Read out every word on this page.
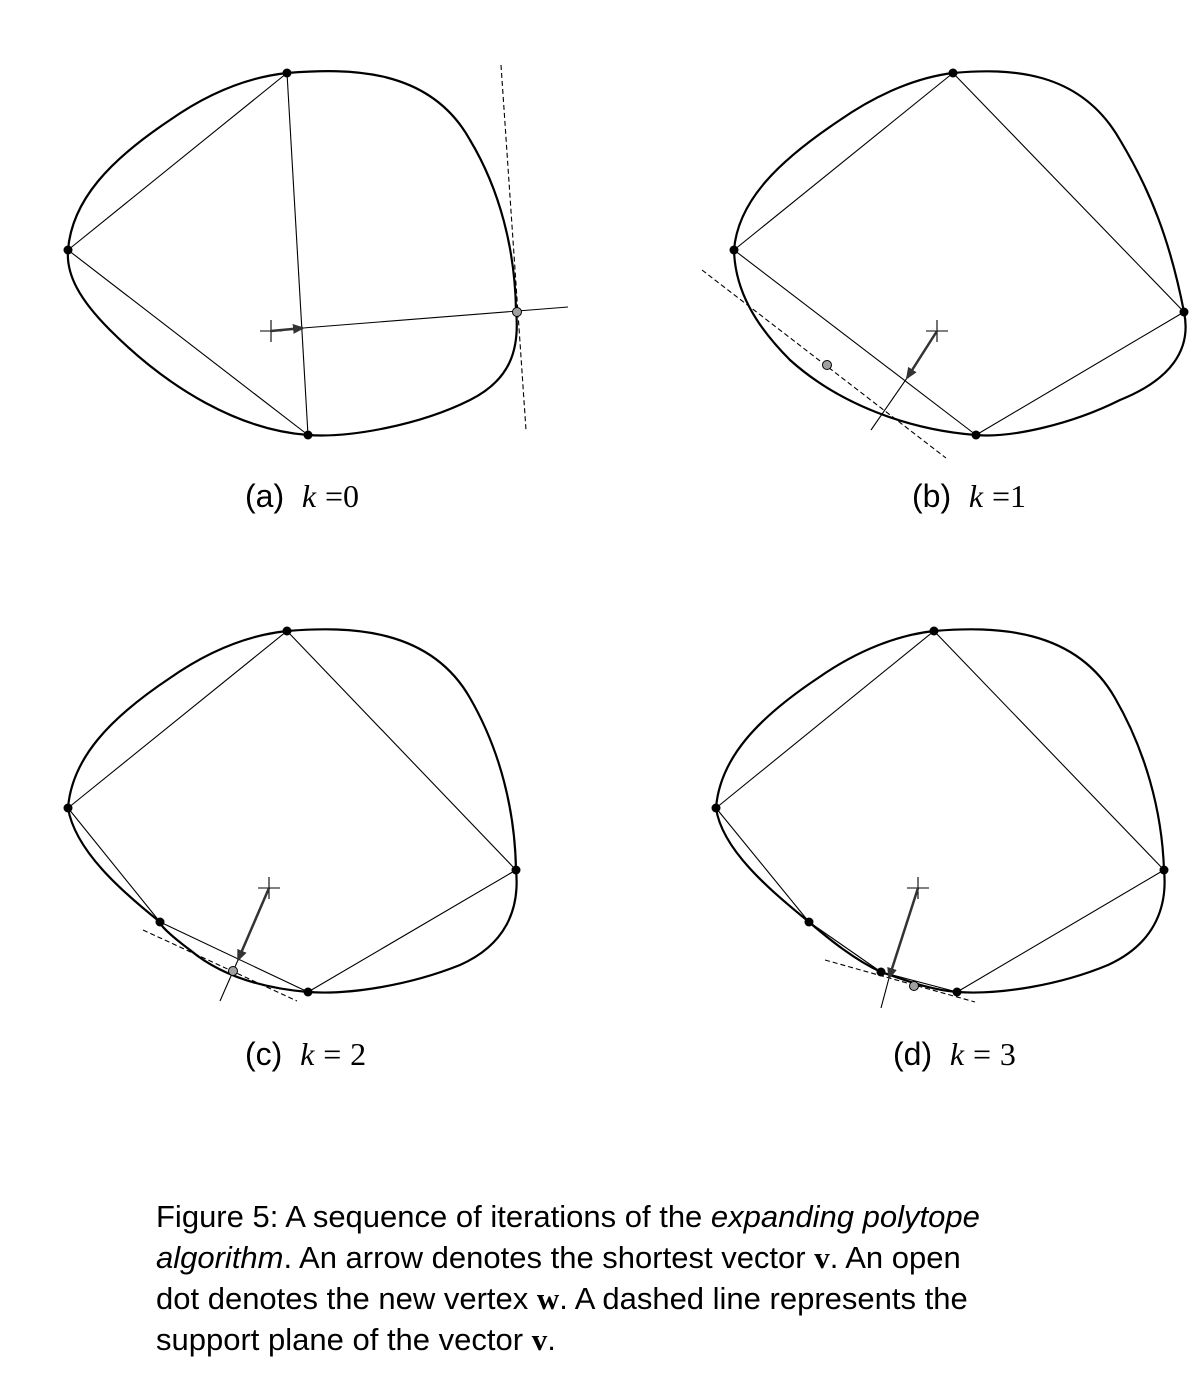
(a) k =0	(b) k =1
(c) k = 2	(d) k = 3
Figure 5: A sequence of iterations of the expanding polytope
algorithm. An arrow denotes the shortest vector v. An open
dot denotes the new vertex w. A dashed line represents the
support plane of the vector v.
